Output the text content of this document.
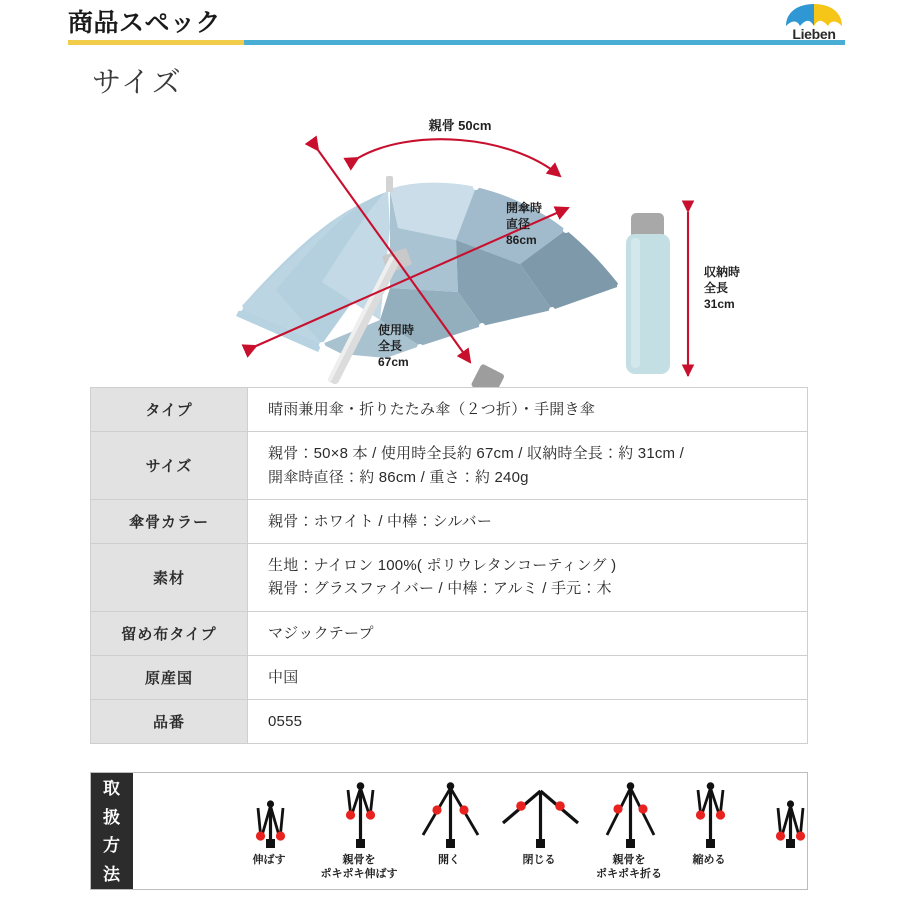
商品スペック	Lieben
サイズ
親骨 50cm
開傘時
直径
86cm
使用時
全長
67cm
収納時
全長
31cm
タイプ	晴雨兼用傘・折りたたみ傘（２つ折）・手開き傘

サイズ	親骨：50×8 本 / 使用時全長約 67cm / 収納時全長：約 31cm /
開傘時直径：約 86cm / 重さ：約 240g

傘骨カラー	親骨：ホワイト / 中棒：シルバー

素材	生地：ナイロン 100%( ポリウレタンコーティング )
親骨：グラスファイバー / 中棒：アルミ / 手元：木

留め布タイプ	マジックテープ

原産国	中国

品番	0555
取
扱
方
法
伸ばす	親骨を
ポキポキ伸ばす
開く	閉じる	親骨を
ポキポキ折る
縮める
